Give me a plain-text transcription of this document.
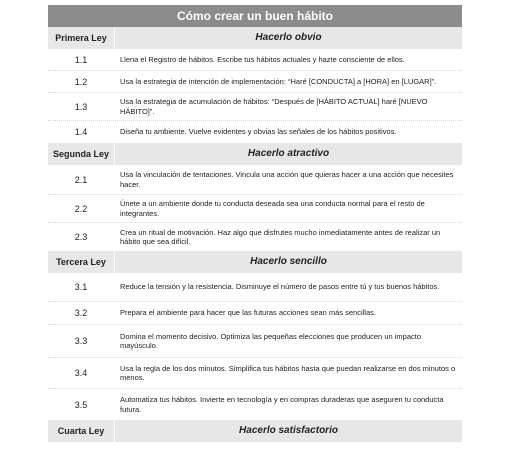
Cómo crear un buen hábito
Primera Ley	Hacerlo obvio
1.1	Llena el Registro de hábitos. Escribe tus hábitos actuales y hazte consciente de ellos.
1.2	Usa la estrategia de intención de implementación: “Haré [CONDUCTA] a [HORA] en [LUGAR]”.
1.3	Usa la estrategia de acumulación de hábitos: “Después de [HÁBITO ACTUAL] haré [NUEVO HÁBITO]”.
1.4	Diseña tu ambiente. Vuelve evidentes y obvias las señales de los hábitos positivos.
Segunda Ley	Hacerlo atractivo
2.1	Usa la vinculación de tentaciones. Vincula una acción que quieras hacer a una acción que necesites hacer.
2.2	Únete a un ambiente donde tu conducta deseada sea una conducta normal para el resto de integrantes.
2.3	Crea un ritual de motivación. Haz algo que disfrutes mucho inmediatamente antes de realizar un hábito que sea difícil.
Tercera Ley	Hacerlo sencillo
3.1	Reduce la tensión y la resistencia. Disminuye el número de pasos entre tú y tus buenos hábitos.
3.2	Prepara el ambiente para hacer que las futuras acciones sean más sencillas.
3.3	Domina el momento decisivo. Optimiza las pequeñas elecciones que producen un impacto mayúsculo.
3.4	Usa la regla de los dos minutos. Simplifica tus hábitos hasta que puedan realizarse en dos minutos o menos.
3.5	Automatiza tus hábitos. Invierte en tecnología y en compras duraderas que aseguren tu conducta futura.
Cuarta Ley	Hacerlo satisfactorio
